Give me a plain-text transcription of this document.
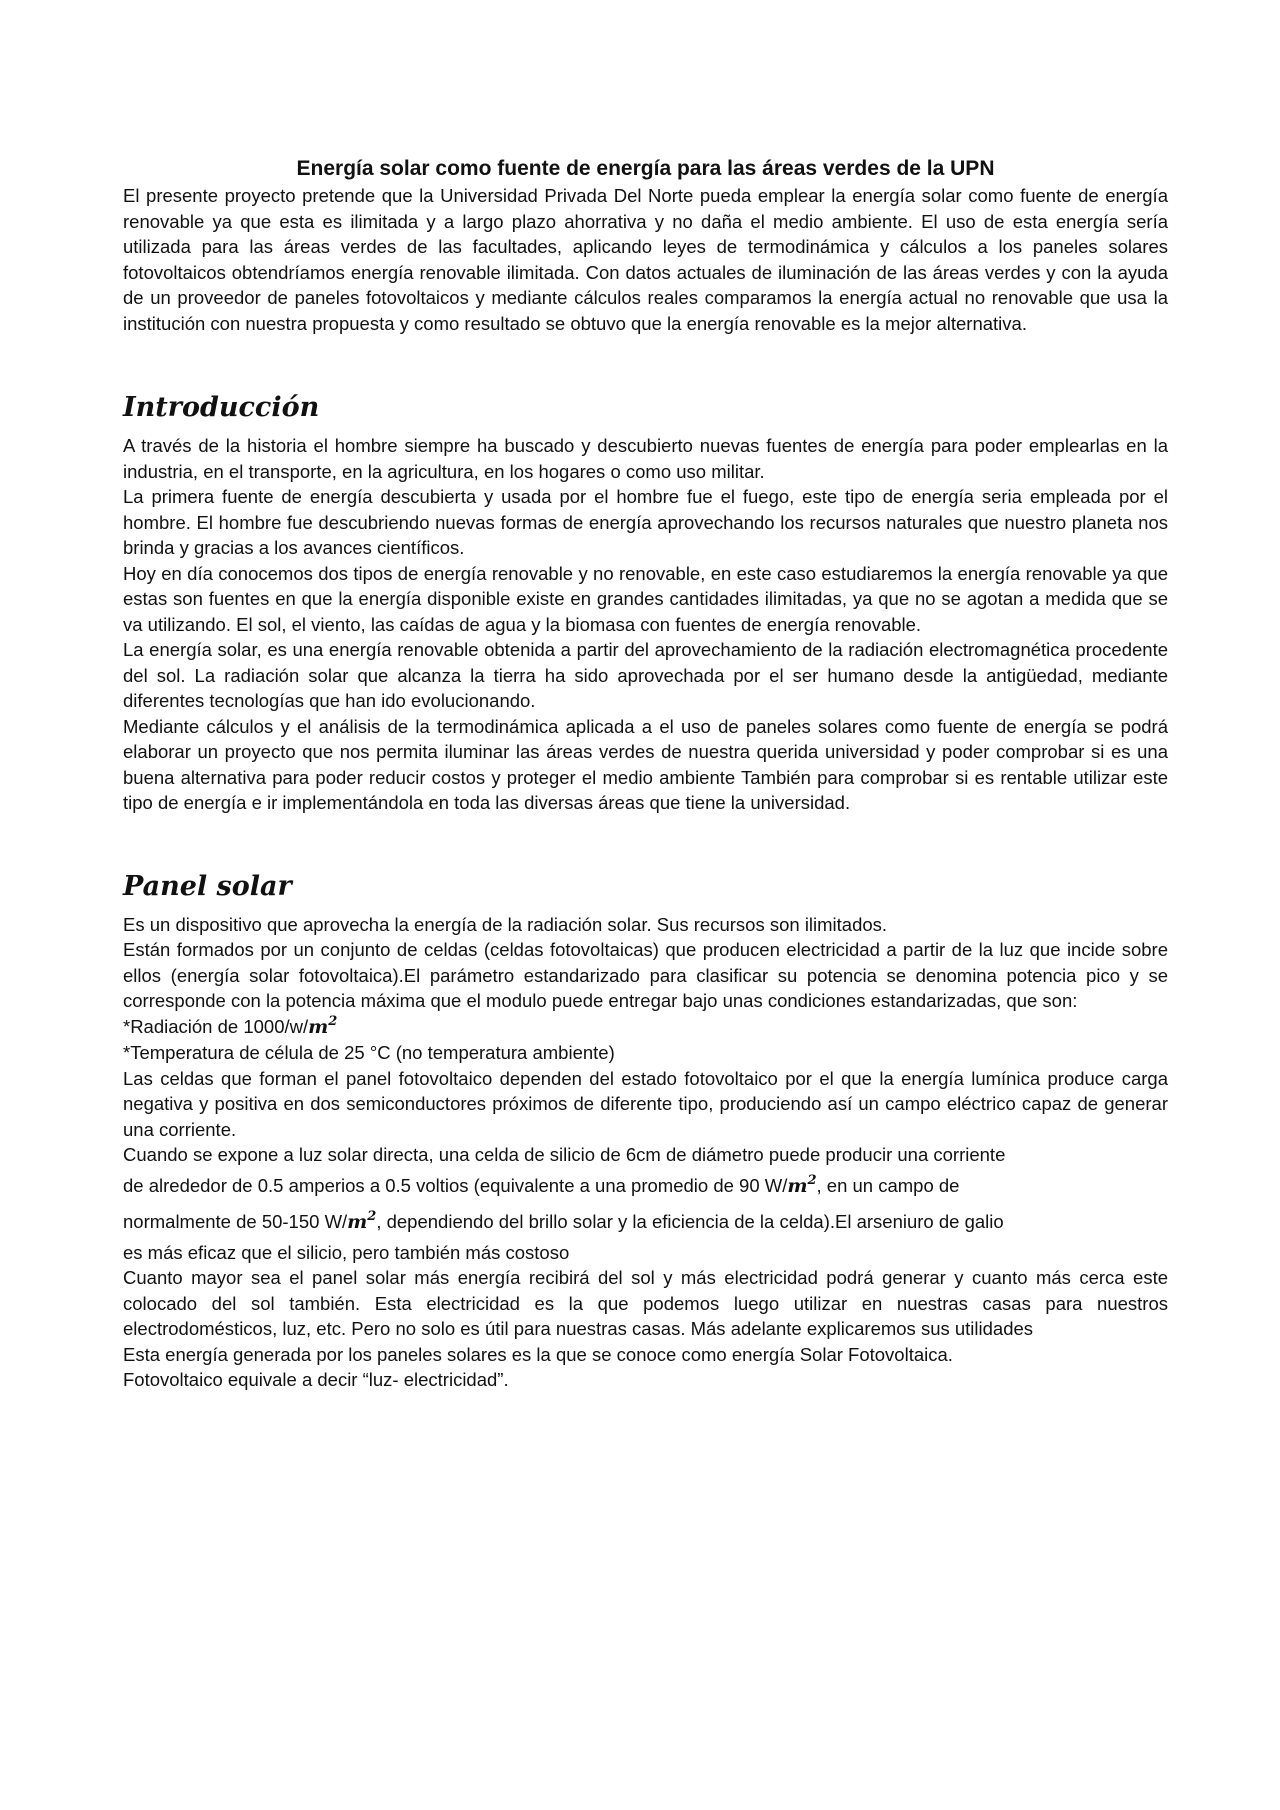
Energía solar como fuente de energía para las áreas verdes de la UPN

El presente proyecto pretende que la Universidad Privada Del Norte pueda emplear la energía solar como fuente de energía renovable ya que esta es ilimitada y a largo plazo ahorrativa y no daña el medio ambiente. El uso de esta energía sería utilizada para las áreas verdes de las facultades, aplicando leyes de termodinámica y cálculos a los paneles solares fotovoltaicos obtendríamos energía renovable ilimitada. Con datos actuales de iluminación de las áreas verdes y con la ayuda de un proveedor de paneles fotovoltaicos y mediante cálculos reales comparamos la energía actual no renovable que usa la institución con nuestra propuesta y como resultado se obtuvo que la energía renovable es la mejor alternativa.

Introducción

A través de la historia el hombre siempre ha buscado y descubierto nuevas fuentes de energía para poder emplearlas en la industria, en el transporte, en la agricultura, en los hogares o como uso militar.

La primera fuente de energía descubierta y usada por el hombre fue el fuego, este tipo de energía seria empleada por el hombre. El hombre fue descubriendo nuevas formas de energía aprovechando los recursos naturales que nuestro planeta nos brinda y gracias a los avances científicos.

Hoy en día conocemos dos tipos de energía renovable y no renovable, en este caso estudiaremos la energía renovable ya que estas son fuentes en que la energía disponible existe en grandes cantidades ilimitadas, ya que no se agotan a medida que se va utilizando. El sol, el viento, las caídas de agua y la biomasa con fuentes de energía renovable.

La energía solar, es una energía renovable obtenida a partir del aprovechamiento de la radiación electromagnética procedente del sol. La radiación solar que alcanza la tierra ha sido aprovechada por el ser humano desde la antigüedad, mediante diferentes tecnologías que han ido evolucionando.

Mediante cálculos y el análisis de la termodinámica aplicada a el uso de paneles solares como fuente de energía se podrá elaborar un proyecto que nos permita iluminar las áreas verdes de nuestra querida universidad y poder comprobar si es una buena alternativa para poder reducir costos y proteger el medio ambiente También para comprobar si es rentable utilizar este tipo de energía e ir implementándola en toda las diversas áreas que tiene la universidad.

Panel solar

Es un dispositivo que aprovecha la energía de la radiación solar. Sus recursos son ilimitados.

Están formados por un conjunto de celdas (celdas fotovoltaicas) que producen electricidad a partir de la luz que incide sobre ellos (energía solar fotovoltaica).El parámetro estandarizado para clasificar su potencia se denomina potencia pico y se corresponde con la potencia máxima que el modulo puede entregar bajo unas condiciones estandarizadas, que son:

*Radiación de $1000/w/m^2$

*Temperatura de célula de 25 °C (no temperatura ambiente)

Las celdas que forman el panel fotovoltaico dependen del estado fotovoltaico por el que la energía lumínica produce carga negativa y positiva en dos semiconductores próximos de diferente tipo, produciendo así un campo eléctrico capaz de generar una corriente.

Cuando se expone a luz solar directa, una celda de silicio de 6cm de diámetro puede producir una corriente

de alrededor de 0.5 amperios a 0.5 voltios (equivalente a una promedio de 90 $W/m^2$, en un campo de

normalmente de 50-150 $W/m^2$, dependiendo del brillo solar y la eficiencia de la celda).El arseniuro de galio

es más eficaz que el silicio, pero también más costoso

Cuanto mayor sea el panel solar más energía recibirá del sol y más electricidad podrá generar y cuanto más cerca este colocado del sol también. Esta electricidad es la que podemos luego utilizar en nuestras casas para nuestros electrodomésticos, luz, etc. Pero no solo es útil para nuestras casas. Más adelante explicaremos sus utilidades

Esta energía generada por los paneles solares es la que se conoce como energía Solar Fotovoltaica.

Fotovoltaico equivale a decir “luz- electricidad”.
